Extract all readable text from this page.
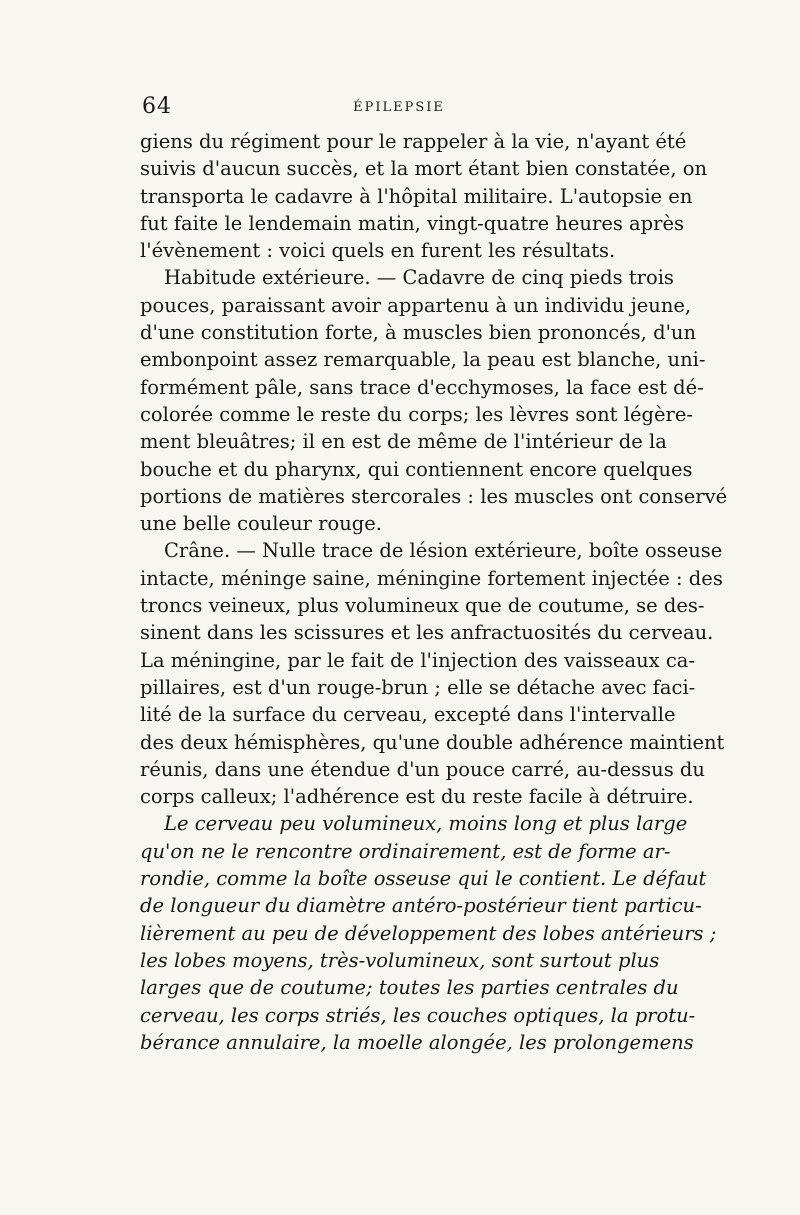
64	ÉPILEPSIE
giens du régiment pour le rappeler à la vie, n'ayant été
suivis d'aucun succès, et la mort étant bien constatée, on
transporta le cadavre à l'hôpital militaire. L'autopsie en
fut faite le lendemain matin, vingt-quatre heures après
l'évènement : voici quels en furent les résultats.
Habitude extérieure. — Cadavre de cinq pieds trois
pouces, paraissant avoir appartenu à un individu jeune,
d'une constitution forte, à muscles bien prononcés, d'un
embonpoint assez remarquable, la peau est blanche, uni-
formément pâle, sans trace d'ecchymoses, la face est dé-
colorée comme le reste du corps; les lèvres sont légère-
ment bleuâtres; il en est de même de l'intérieur de la
bouche et du pharynx, qui contiennent encore quelques
portions de matières stercorales : les muscles ont conservé
une belle couleur rouge.
Crâne. — Nulle trace de lésion extérieure, boîte osseuse
intacte, méninge saine, méningine fortement injectée : des
troncs veineux, plus volumineux que de coutume, se des-
sinent dans les scissures et les anfractuosités du cerveau.
La méningine, par le fait de l'injection des vaisseaux ca-
pillaires, est d'un rouge-brun ; elle se détache avec faci-
lité de la surface du cerveau, excepté dans l'intervalle
des deux hémisphères, qu'une double adhérence maintient
réunis, dans une étendue d'un pouce carré, au-dessus du
corps calleux; l'adhérence est du reste facile à détruire.
Le cerveau peu volumineux, moins long et plus large
qu'on ne le rencontre ordinairement, est de forme ar-
rondie, comme la boîte osseuse qui le contient. Le défaut
de longueur du diamètre antéro-postérieur tient particu-
lièrement au peu de développement des lobes antérieurs ;
les lobes moyens, très-volumineux, sont surtout plus
larges que de coutume; toutes les parties centrales du
cerveau, les corps striés, les couches optiques, la protu-
bérance annulaire, la moelle alongée, les prolongemens
